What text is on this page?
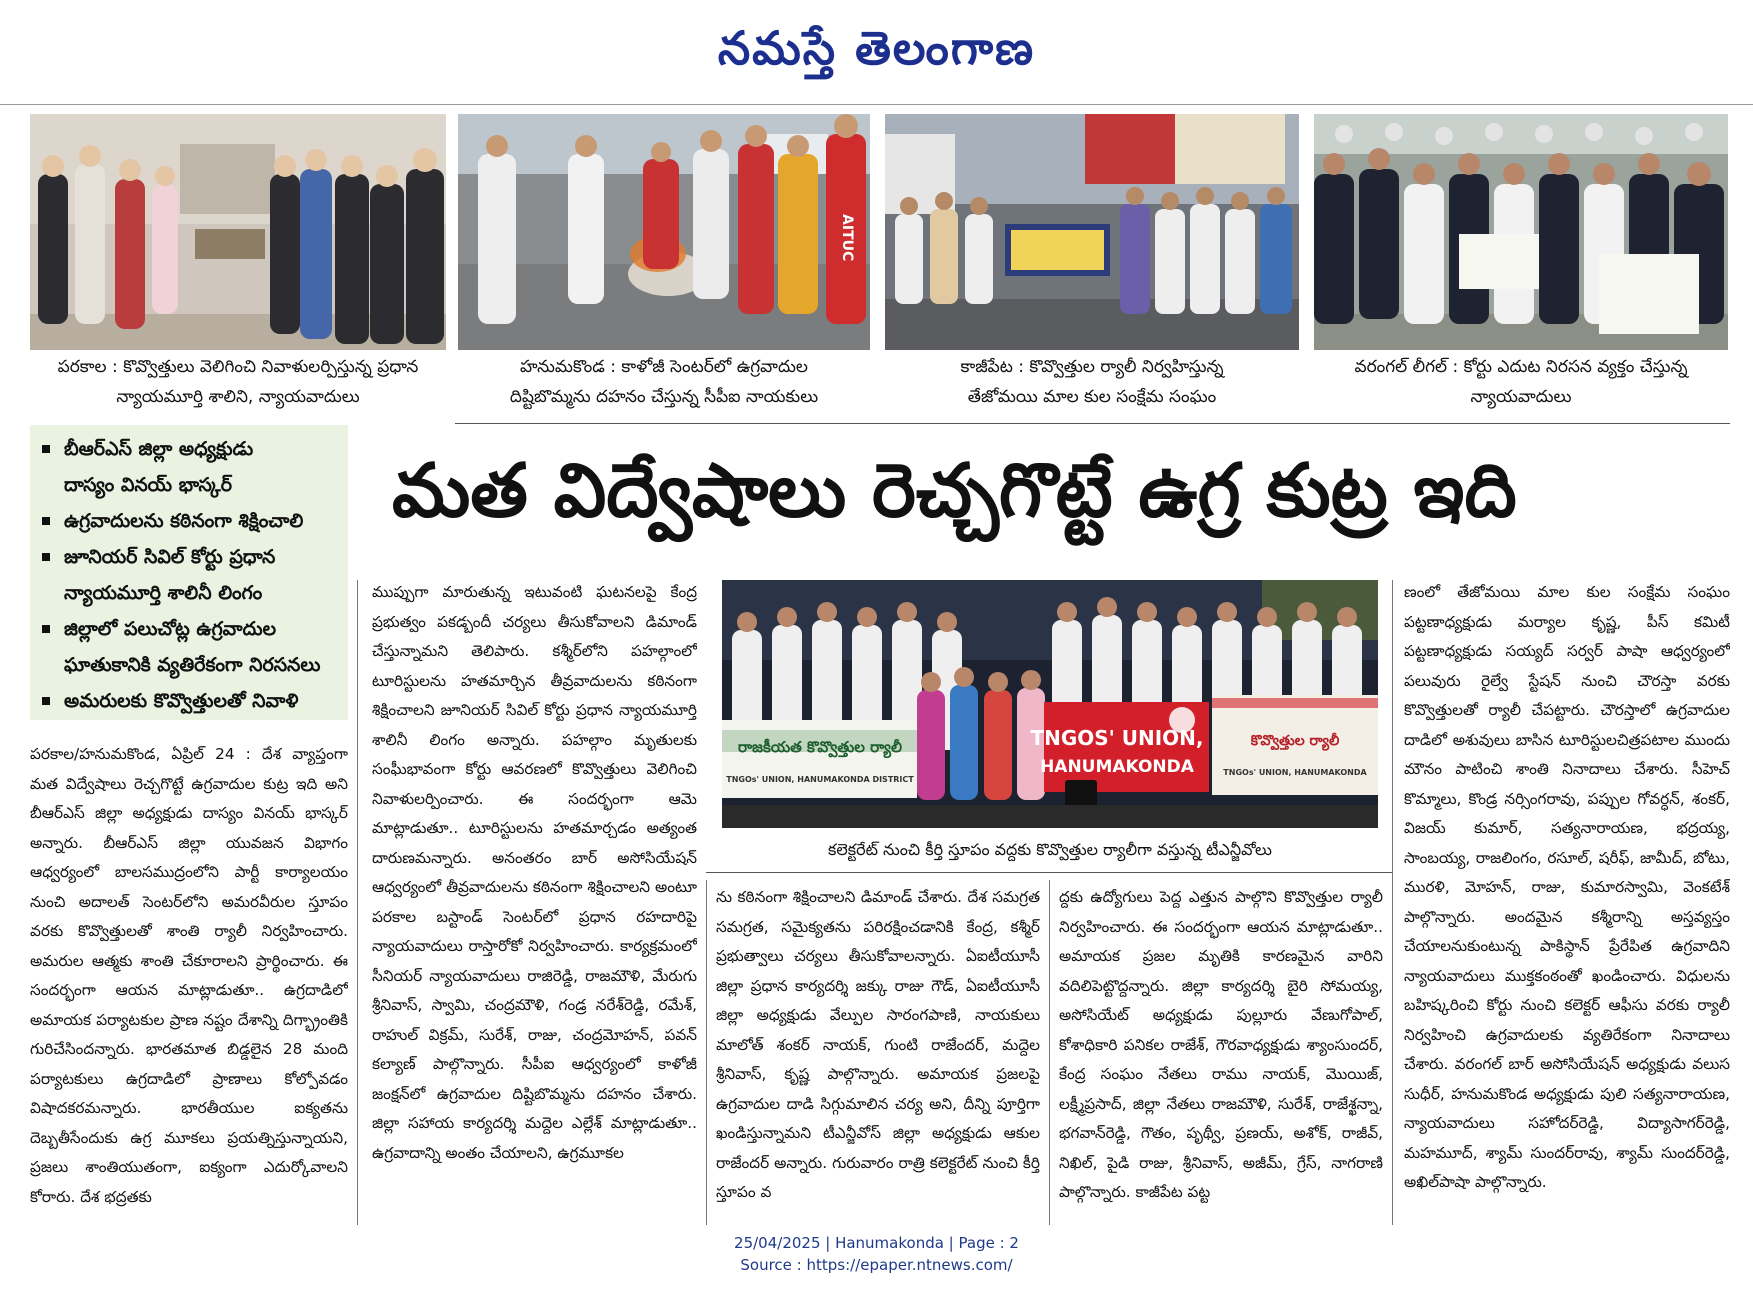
నమస్తే తెలంగాణ
AITUC
పరకాల : కొవ్వొత్తులు వెలిగించి నివాళులర్పిస్తున్న ప్రధాన
న్యాయమూర్తి శాలిని, న్యాయవాదులు
హనుమకొండ : కాళోజీ సెంటర్‌లో ఉగ్రవాదుల
దిష్టిబొమ్మను దహనం చేస్తున్న సీపీఐ నాయకులు
కాజీపేట : కొవ్వొత్తుల ర్యాలీ నిర్వహిస్తున్న
తేజోమయి మాల కుల సంక్షేమ సంఘం
వరంగల్ లీగల్ : కోర్టు ఎదుట నిరసన వ్యక్తం చేస్తున్న
న్యాయవాదులు
బీఆర్‌ఎస్ జిల్లా అధ్యక్షుడు
దాస్యం వినయ్ భాస్కర్
ఉగ్రవాదులను కఠినంగా శిక్షించాలి
జూనియర్ సివిల్ కోర్టు ప్రధాన
న్యాయమూర్తి శాలినీ లింగం
జిల్లాలో పలుచోట్ల ఉగ్రవాదుల
ఘాతుకానికి వ్యతిరేకంగా నిరసనలు
అమరులకు కొవ్వొత్తులతో నివాళి
మత విద్వేషాలు రెచ్చగొట్టే ఉగ్ర కుట్ర ఇది
రాజకీయత కొవ్వొత్తుల ర్యాలీ
TNGOs' UNION, HANUMAKONDA DISTRICT
TNGOS' UNION,
HANUMAKONDA
కొవ్వొత్తుల ర్యాలీ
TNGOs' UNION, HANUMAKONDA
కలెక్టరేట్ నుంచి కీర్తి స్తూపం వద్దకు కొవ్వొత్తుల ర్యాలీగా వస్తున్న టీఎన్జీవోలు

పరకాల/హనుమకొండ, ఏప్రిల్ 24 : దేశ వ్యాప్తంగా మత విద్వేషాలు రెచ్చగొట్టే ఉగ్రవాదుల కుట్ర ఇది అని బీఆర్‌ఎస్ జిల్లా అధ్యక్షుడు దాస్యం వినయ్ భాస్కర్ అన్నారు. బీఆర్‌ఎస్ జిల్లా యువజన విభాగం ఆధ్వర్యంలో బాలసముద్రంలోని పార్టీ కార్యాలయం నుంచి అదాలత్ సెంటర్‌లోని అమరవీరుల స్తూపం వరకు కొవ్వొత్తులతో శాంతి ర్యాలీ నిర్వహించారు. అమరుల ఆత్మకు శాంతి చేకూరాలని ప్రార్థించారు. ఈ సందర్భంగా ఆయన మాట్లాడుతూ.. ఉగ్రదాడిలో అమాయక పర్యాటకుల ప్రాణ నష్టం దేశాన్ని దిగ్భ్రాంతికి గురిచేసిందన్నారు. భారతమాత బిడ్డలైన 28 మంది పర్యాటకులు ఉగ్రదాడిలో ప్రాణాలు కోల్పోవడం విషాదకరమన్నారు. భారతీయుల ఐక్యతను దెబ్బతీసేందుకు ఉగ్ర మూకలు ప్రయత్నిస్తున్నాయని, ప్రజలు శాంతియుతంగా, ఐక్యంగా ఎదుర్కోవాలని కోరారు. దేశ భద్రతకు

ముప్పుగా మారుతున్న ఇటువంటి ఘటనలపై కేంద్ర ప్రభుత్వం పకడ్బందీ చర్యలు తీసుకోవాలని డిమాండ్ చేస్తున్నామని తెలిపారు. కశ్మీర్‌లోని పహల్గాంలో టూరిస్టులను హతమార్చిన తీవ్రవాదులను కఠినంగా శిక్షించాలని జూనియర్ సివిల్ కోర్టు ప్రధాన న్యాయమూర్తి శాలినీ లింగం అన్నారు. పహల్గాం మృతులకు సంఘీభావంగా కోర్టు ఆవరణలో కొవ్వొత్తులు వెలిగించి నివాళులర్పించారు. ఈ సందర్భంగా ఆమె మాట్లాడుతూ.. టూరిస్టులను హతమార్చడం అత్యంత దారుణమన్నారు. అనంతరం బార్ అసోసియేషన్ ఆధ్వర్యంలో తీవ్రవాదులను కఠినంగా శిక్షించాలని అంటూ పరకాల బస్టాండ్ సెంటర్‌లో ప్రధాన రహదారిపై న్యాయవాదులు రాస్తారోకో నిర్వహించారు. కార్యక్రమంలో సీనియర్ న్యాయవాదులు రాజిరెడ్డి, రాజమౌళి, మేరుగు శ్రీనివాస్, స్వామి, చంద్రమౌళి, గండ్ర నరేశ్‌రెడ్డి, రమేశ్, రాహుల్ విక్రమ్, సురేశ్, రాజు, చంద్రమోహన్, పవన్ కల్యాణ్ పాల్గొన్నారు. సీపీఐ ఆధ్వర్యంలో కాళోజీ జంక్షన్‌లో ఉగ్రవాదుల దిష్టిబొమ్మను దహనం చేశారు. జిల్లా సహాయ కార్యదర్శి మద్దెల ఎల్లేశ్ మాట్లాడుతూ.. ఉగ్రవాదాన్ని అంతం చేయాలని, ఉగ్రమూకల

ను కఠినంగా శిక్షించాలని డిమాండ్ చేశారు. దేశ సమగ్రత సమగ్రత, సమైక్యతను పరిరక్షించడానికి కేంద్ర, కశ్మీర్ ప్రభుత్వాలు చర్యలు తీసుకోవాలన్నారు. ఏఐటీయూసీ జిల్లా ప్రధాన కార్యదర్శి జక్కు రాజు గౌడ్, ఏఐటీయూసీ జిల్లా అధ్యక్షుడు వేల్పుల సారంగపాణి, నాయకులు మాలోత్ శంకర్ నాయక్, గుంటి రాజేందర్, మద్దెల శ్రీనివాస్, కృష్ణ పాల్గొన్నారు. అమాయక ప్రజలపై ఉగ్రవాదుల దాడి సిగ్గుమాలిన చర్య అని, దీన్ని పూర్తిగా ఖండిస్తున్నామని టీఎన్జీవోస్ జిల్లా అధ్యక్షుడు ఆకుల రాజేందర్ అన్నారు. గురువారం రాత్రి కలెక్టరేట్ నుంచి కీర్తి స్తూపం వ

ద్దకు ఉద్యోగులు పెద్ద ఎత్తున పాల్గొని కొవ్వొత్తుల ర్యాలీ నిర్వహించారు. ఈ సందర్భంగా ఆయన మాట్లాడుతూ.. అమాయక ప్రజల మృతికి కారణమైన వారిని వదిలిపెట్టొద్దన్నారు. జిల్లా కార్యదర్శి బైరి సోమయ్య, అసోసియేట్ అధ్యక్షుడు పుల్లూరు వేణుగోపాల్, కోశాధికారి పనికల రాజేశ్, గౌరవాధ్యక్షుడు శ్యాంసుందర్, కేంద్ర సంఘం నేతలు రాము నాయక్, మొయిజ్, లక్ష్మీప్రసాద్, జిల్లా నేతలు రాజమౌళి, సురేశ్, రాజేశ్ఖన్నా, భగవాన్‌రెడ్డి, గౌతం, పృథ్వీ, ప్రణయ్, అశోక్, రాజీవ్, నిఖిల్, పైడి రాజు, శ్రీనివాస్, అజీమ్, గ్రేస్, నాగరాణి పాల్గొన్నారు. కాజీపేట పట్ట

ణంలో తేజోమయి మాల కుల సంక్షేమ సంఘం పట్టణాధ్యక్షుడు మర్యాల కృష్ణ, పీస్ కమిటీ పట్టణాధ్యక్షుడు సయ్యద్ సర్వర్ పాషా ఆధ్వర్యంలో పలువురు రైల్వే స్టేషన్ నుంచి చౌరస్తా వరకు కొవ్వొత్తులతో ర్యాలీ చేపట్టారు. చౌరస్తాలో ఉగ్రవాదుల దాడిలో అశువులు బాసిన టూరిస్టులచిత్రపటాల ముందు మౌనం పాటించి శాంతి నినాదాలు చేశారు. సీహెచ్ కొమ్మాలు, కొండ్ర నర్సింగరావు, పప్పుల గోవర్ధన్, శంకర్, విజయ్ కుమార్, సత్యనారాయణ, భద్రయ్య, సాంబయ్య, రాజలింగం, రసూల్, షరీఫ్, జామీద్, బోటు, మురళి, మోహన్, రాజు, కుమారస్వామి, వెంకటేశ్ పాల్గొన్నారు. అందమైన కశ్మీరాన్ని అస్తవ్యస్తం చేయాలనుకుంటున్న పాకిస్థాన్ ప్రేరేపిత ఉగ్రవాదిని న్యాయవాదులు ముక్తకంఠంతో ఖండించారు. విధులను బహిష్కరించి కోర్టు నుంచి కలెక్టర్ ఆఫీసు వరకు ర్యాలీ నిర్వహించి ఉగ్రవాదులకు వ్యతిరేకంగా నినాదాలు చేశారు. వరంగల్ బార్ అసోసియేషన్ అధ్యక్షుడు వలుస సుధీర్, హనుమకొండ అధ్యక్షుడు పులి సత్యనారాయణ, న్యాయవాదులు సహోదర్‌రెడ్డి, విద్యాసాగర్‌రెడ్డి, మహమూద్, శ్యామ్ సుందర్‌రావు, శ్యామ్ సుందర్‌రెడ్డి, అఖిల్‌పాషా పాల్గొన్నారు.

25/04/2025 | Hanumakonda | Page : 2
Source : https://epaper.ntnews.com/
